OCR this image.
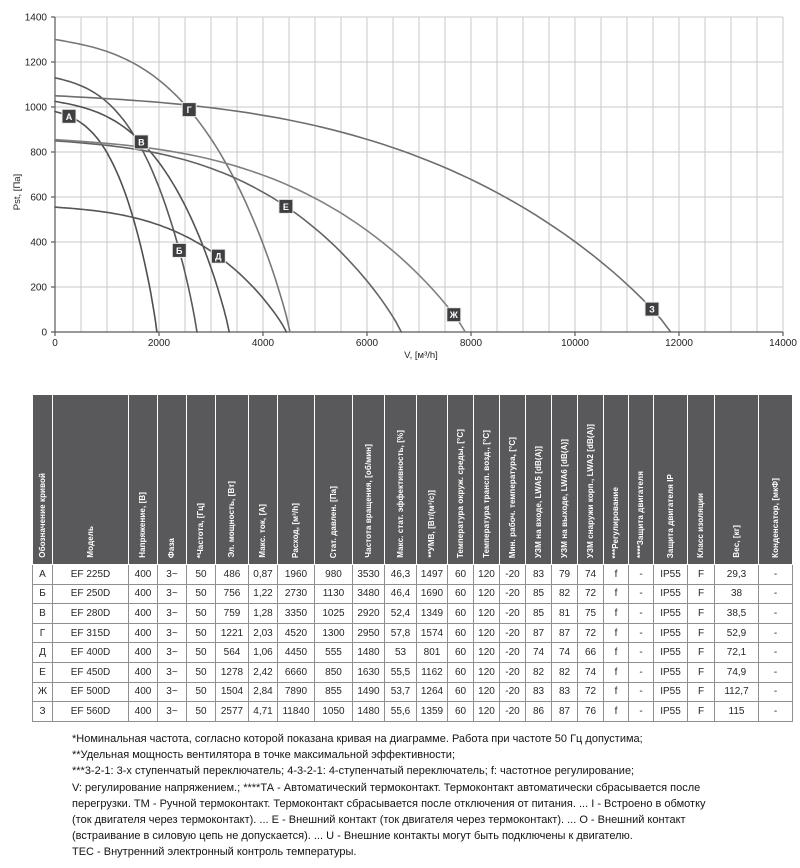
0
200
400
600
800
1000
1200
1400
0	2000	4000	6000	8000	10000	12000	14000
Pst, [Па]
V, [м³/h]
А
Б
В
Г
Д
Е
Ж
З
Обозначение кривой	Модель	Напряжение, [В]	Фаза	*Частота, [Гц]	Эл. мощность, [Вт]	Макс. ток, [А]	Расход, [м³/h]	Стат. давлен. [Па]	Частота вращения, [об/мин]	Макс. стат. эффективность, [%]	**УМВ, [Вт/(м³/с)]	Температура окруж. среды, [°C]	Температура трансп. возд., [°C]	Мин. рабоч. температура, [°C]	УЗМ на входе, LWA5 [dB(A)]	УЗМ на выходе, LWA6 [dB(A)]	УЗМ снаружи корп., LWA2 [dB(A)]	***Регулирование	****Защита двигателя	Защита двигателя IP	Класс изоляции	Вес, [кг]	Конденсатор, [мкФ]

А	EF 225D	400	3~	50	486	0,87	1960	980	3530	46,3	1497	60	120	-20	83	79	74	f	-	IP55	F	29,3	-
Б	EF 250D	400	3~	50	756	1,22	2730	1130	3480	46,4	1690	60	120	-20	85	82	72	f	-	IP55	F	38	-
В	EF 280D	400	3~	50	759	1,28	3350	1025	2920	52,4	1349	60	120	-20	85	81	75	f	-	IP55	F	38,5	-
Г	EF 315D	400	3~	50	1221	2,03	4520	1300	2950	57,8	1574	60	120	-20	87	87	72	f	-	IP55	F	52,9	-
Д	EF 400D	400	3~	50	564	1,06	4450	555	1480	53	801	60	120	-20	74	74	66	f	-	IP55	F	72,1	-
Е	EF 450D	400	3~	50	1278	2,42	6660	850	1630	55,5	1162	60	120	-20	82	82	74	f	-	IP55	F	74,9	-
Ж	EF 500D	400	3~	50	1504	2,84	7890	855	1490	53,7	1264	60	120	-20	83	83	72	f	-	IP55	F	112,7	-
З	EF 560D	400	3~	50	2577	4,71	11840	1050	1480	55,6	1359	60	120	-20	86	87	76	f	-	IP55	F	115	-
*Номинальная частота, согласно которой показана кривая на диаграмме. Работа при частоте 50 Гц допустима;
**Удельная мощность вентилятора в точке максимальной эффективности;
***3-2-1: 3-х ступенчатый переключатель; 4-3-2-1: 4-ступенчатый переключатель; f: частотное регулирование;
V: регулирование напряжением.; ****ТА - Автоматический термоконтакт. Термоконтакт автоматически сбрасывается после
перегрузки. ТМ - Ручной термоконтакт. Термоконтакт сбрасывается после отключения от питания. ... I - Встроено в обмотку
(ток двигателя через термоконтакт). ... Е - Внешний контакт (ток двигателя через термоконтакт). ... О - Внешний контакт
(встраивание в силовую цепь не допускается). ... U - Внешние контакты могут быть подключены к двигателю.
ТЕС - Внутренний электронный контроль температуры.
